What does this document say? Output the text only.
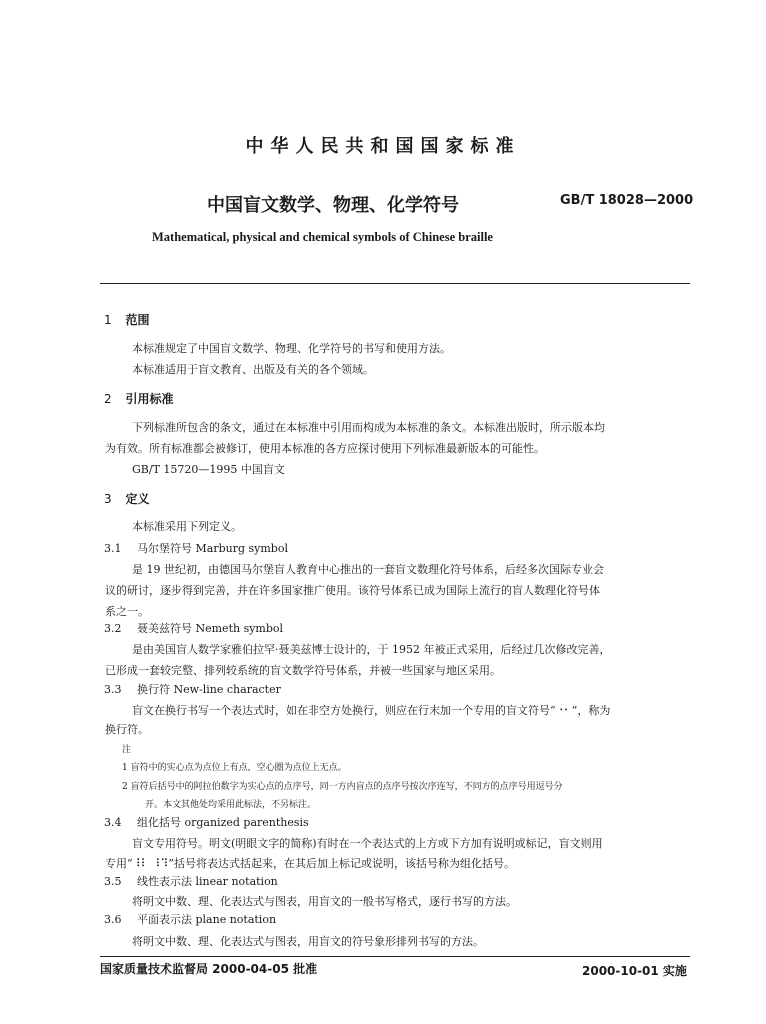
中华人民共和国国家标准
中国盲文数学、物理、化学符号	GB/T 18028—2000
Mathematical, physical and chemical symbols of Chinese braille
1 范围
本标准规定了中国盲文数学、物理、化学符号的书写和使用方法。
本标准适用于盲文教育、出版及有关的各个领域。
2 引用标准
下列标准所包含的条文，通过在本标准中引用而构成为本标准的条文。本标准出版时，所示版本均
为有效。所有标准都会被修订，使用本标准的各方应探讨使用下列标准最新版本的可能性。
GB/T 15720—1995 中国盲文
3 定义
本标准采用下列定义。
3.1 马尔堡符号 Marburg symbol
是 19 世纪初，由德国马尔堡盲人教育中心推出的一套盲文数理化符号体系，后经多次国际专业会
议的研讨，逐步得到完善，并在许多国家推广使用。该符号体系已成为国际上流行的盲人数理化符号体
系之一。
3.2 聂美兹符号 Nemeth symbol
是由美国盲人数学家雅伯拉罕·聂美兹博士设计的，于 1952 年被正式采用，后经过几次修改完善，
已形成一套较完整、排列较系统的盲文数学符号体系，并被一些国家与地区采用。
3.3 换行符 New-line character
盲文在换行书写一个表达式时，如在非空方处换行，则应在行末加一个专用的盲文符号“⠐⠂”，称为
换行符。
注
1 盲符中的实心点为点位上有点，空心圈为点位上无点。
2 盲符后括号中的阿拉伯数字为实心点的点序号，同一方内盲点的点序号按次序连写，不同方的点序号用逗号分
开。本文其他处均采用此标法，不另标注。
3.4 组化括号 organized parenthesis
盲文专用符号。明文(明眼文字的简称)有时在一个表达式的上方或下方加有说明或标记，盲文则用
专用“⠸⠇ ⠸⠹”括号将表达式括起来，在其后加上标记或说明，该括号称为组化括号。
3.5 线性表示法 linear notation
将明文中数、理、化表达式与图表，用盲文的一般书写格式，逐行书写的方法。
3.6 平面表示法 plane notation
将明文中数、理、化表达式与图表，用盲文的符号象形排列书写的方法。
国家质量技术监督局 2000-04-05 批准	2000-10-01 实施
